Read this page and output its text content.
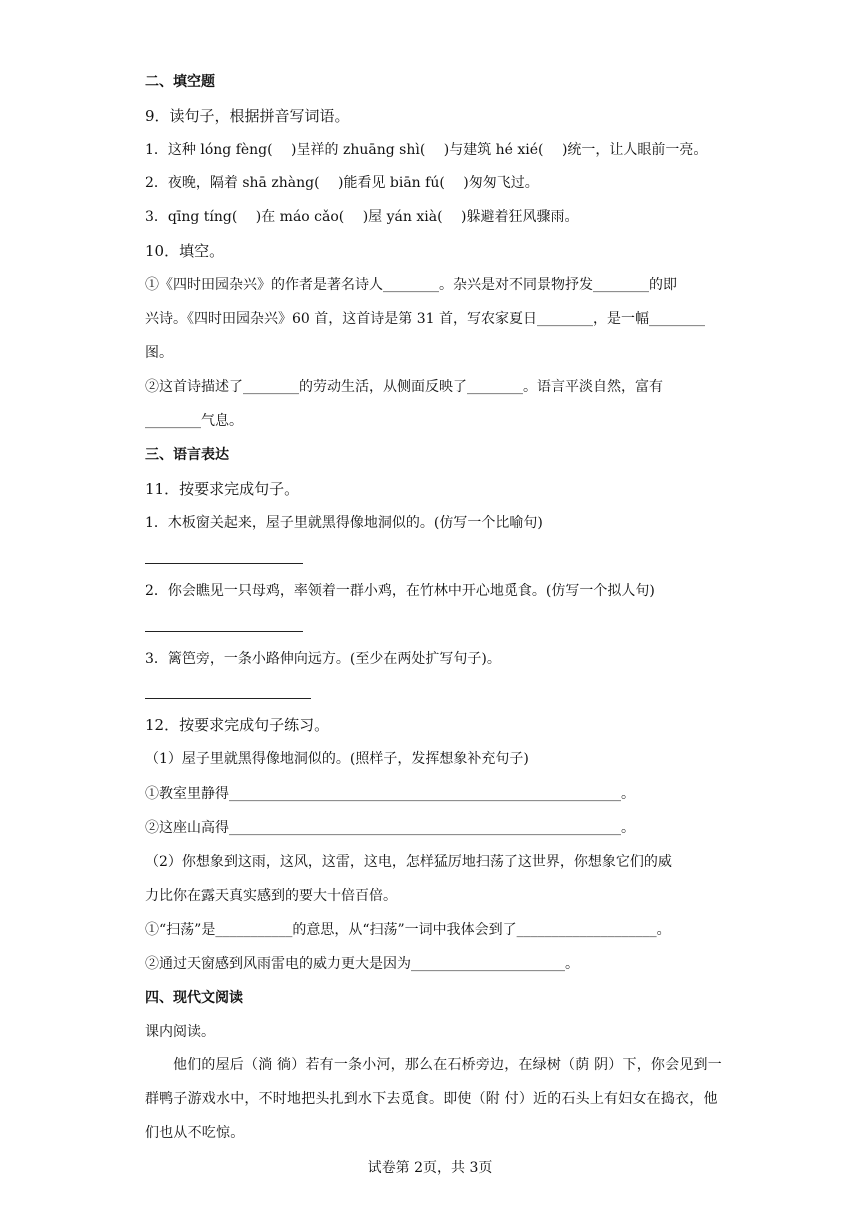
二、填空题
9．读句子，根据拼音写词语。
1．这种 lóng fèng(　 )呈祥的 zhuāng shì(　 )与建筑 hé xié(　 )统一，让人眼前一亮。
2．夜晚，隔着 shā zhàng(　 )能看见 biān fú(　 )匆匆飞过。
3．qīng tíng(　 )在 máo cǎo(　 )屋 yán xià(　 )躲避着狂风骤雨。
10．填空。
①《四时田园杂兴》的作者是著名诗人________。杂兴是对不同景物抒发________的即
兴诗。《四时田园杂兴》60 首，这首诗是第 31 首，写农家夏日________，是一幅________
图。
②这首诗描述了________的劳动生活，从侧面反映了________。语言平淡自然，富有
________气息。
三、语言表达
11．按要求完成句子。
1．木板窗关起来，屋子里就黑得像地洞似的。(仿写一个比喻句)
2．你会瞧见一只母鸡，率领着一群小鸡，在竹林中开心地觅食。(仿写一个拟人句)
3．篱笆旁，一条小路伸向远方。(至少在两处扩写句子)。
12．按要求完成句子练习。
（1）屋子里就黑得像地洞似的。(照样子，发挥想象补充句子)
①教室里静得________________________________________________________。
②这座山高得________________________________________________________。
（2）你想象到这雨，这风，这雷，这电，怎样猛厉地扫荡了这世界，你想象它们的威
力比你在露天真实感到的要大十倍百倍。
①“扫荡”是___________的意思，从“扫荡”一词中我体会到了____________________。
②通过天窗感到风雨雷电的威力更大是因为______________________。
四、现代文阅读
课内阅读。
他们的屋后（淌 徜）若有一条小河，那么在石桥旁边，在绿树（荫 阴）下，你会见到一群鸭子游戏水中，不时地把头扎到水下去觅食。即使（附 付）近的石头上有妇女在捣衣，他们也从不吃惊。
试卷第 2页，共 3页
